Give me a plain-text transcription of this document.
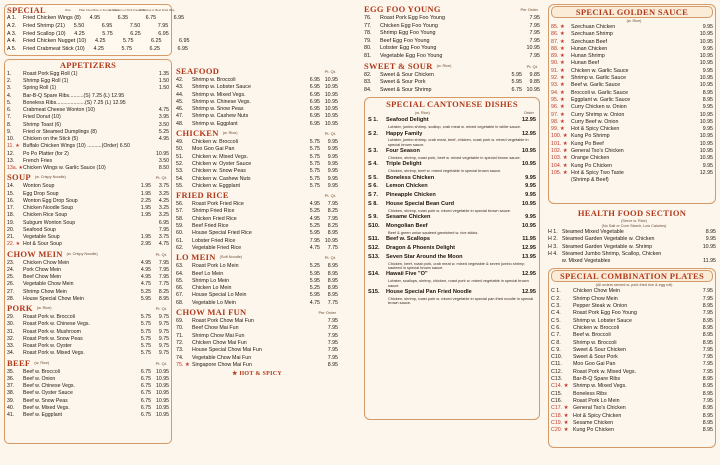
SPECIAL	Rice	Plain Fried Rice or French Fries
w. Chicken or Pork Fried Rice
w. Shrimp or Beef Fried Rice
A 1.	Fried Chicken Wings (8)	4.95	6.35	6.75	6.95
A 2.	Fried Shrimp (21)	5.50	6.95	7.50	7.95
A 3.	Fried Scallop (10)	4.25	5.75	6.25	6.95
A 4.	Fried Chicken Nugget (10)	4.25	5.75	6.25	6.95
A 5.	Fried Crabmeat Stick (10)	4.25	5.75	6.25	6.95
APPETIZERS
1.	Roast Pork Egg Roll (1)	1.35
2.	Shrimp Egg Roll (1)	1.50
3.	Spring Roll (1)	1.50
4.	Bar-B-Q Spare Ribs..........(S) 7.25 (L) 12.95
5.	Boneless Ribs....................(S) 7.25 (L) 12.95
6.	Crabmeat Cheese Wonton (10)	4.75
7.	Fried Donut (10)	3.95
8.	Shrimp Toast (6)	3.50
9.	Fried or Steamed Dumplings (8)	5.25
10.	Chicken on the Stick (5)	4.95
11. ★ Buffalo Chicken Wings (10) ..........(Order) 6.50
12.	Po Po Platter (for 2)	10.95
13.	French Fries	3.50
13a. ★ Chicken Wings w. Garlic Sauce (10)	8.50
SOUP (w. Crispy Noodle)	Pt. Qt.
14.	Wonton Soup	1.95	3.75
15.	Egg Drop Soup	1.95	3.25
16.	Wonton Egg Drop Soup	2.25	4.25
17.	Chicken Noodle Soup	1.95	3.25
18.	Chicken Rice Soup	1.95	3.25
19.	Subgum Wonton Soup	6.95
20.	Seafood Soup	7.95
21.	Vegetable Soup	1.95	3.75
22. ★ Hot & Sour Soup	2.95	4.75
CHOW MEIN (w. Crispy Noodle)	Pt. Qt.
23.	Chicken Chow Mein	4.95	7.95
24.	Pork Chow Mein	4.95	7.95
25.	Beef Chow Mein	4.95	7.95
26.	Vegetable Chow Mein	4.75	7.75
27.	Shrimp Chow Mein	5.25	8.25
28.	House Special Chow Mein	5.95	8.95
PORK (w. Rice)	Pt. Qt.
29.	Roast Pork w. Broccoli	5.75	9.75
30.	Roast Pork w. Chinese Vegs.	5.75	9.75
31.	Roast Pork w. Mushroom	5.75	9.75
32.	Roast Pork w. Snow Peas	5.75	9.75
33.	Roast Pork w. Oyster	5.75	9.75
34.	Roast Pork w. Mixed Vegs.	5.75	9.75
BEEF (w. Rice)	Pt. Qt.
35.	Beef w. Broccoli	6.75 10.95
36.	Beef w. Onion	6.75 10.95
37.	Beef w. Chinese Vegs.	6.75 10.95
38.	Beef w. Oyster Sauce	6.75 10.95
39.	Beef w. Snow Peas	6.75 10.95
40.	Beef w. Mixed Vegs.	6.75 10.95
41.	Beef w. Eggplant	6.75 10.95
SEAFOOD	Pt. Qt.
42.	Shrimp w. Broccoli	6.95 10.95
43.	Shrimp w. Lobster Sauce	6.95 10.95
44.	Shrimp w. Mixed Vegs.	6.95 10.95
45.	Shrimp w. Chinese Vegs.	6.95 10.95
46.	Shrimp w. Snow Peas	6.95 10.95
47.	Shrimp w. Cashew Nuts	6.95 10.95
48.	Shrimp w. Eggplant	6.95 10.95
CHICKEN (w. Rice)	Pt. Qt.
49.	Chicken w. Broccoli	5.75	9.95
50.	Moo Goo Gai Pan	5.75	9.95
51.	Chicken w. Mixed Vegs.	5.75	9.95
52.	Chicken w. Oyster Sauce	5.75	9.95
53.	Chicken w. Snow Peas	5.75	9.95
54.	Chicken w. Cashew Nuts	5.75	9.95
55.	Chicken w. Eggplant	5.75	9.95
FRIED RICE	Pt. Qt.
56.	Roast Pork Fried Rice	4.95	7.95
57.	Shrimp Fried Rice	5.25	8.25
58.	Chicken Fried Rice	4.95	7.95
59.	Beef Fried Rice	5.25	8.25
60.	House Special Fried Rice	5.95	8.95
61.	Lobster Fried Rice	7.95 10.95
62.	Vegetable Fried Rice	4.75	7.75
LO MEIN (Soft Noodle)	Pt. Qt.
63.	Roast Pork Lo Mein	5.25	8.95
64.	Beef Lo Mein	5.95	8.95
65.	Shrimp Lo Mein	5.95	8.95
66.	Chicken Lo Mein	5.25	8.95
67.	House Special Lo Mein	5.95	8.95
68.	Vegetable Lo Mein	4.75	7.75
CHOW MAI FUN	Per Order
69.	Roast Pork Chow Mai Fun	7.95
70.	Beef Chow Mai Fun	7.95
71.	Shrimp Chow Mai Fun	7.95
72.	Chicken Chow Mai Fun	7.95
73.	House Special Chow Mai Fun	7.95
74.	Vegetable Chow Mai Fun	7.95
75. ★ Singapore Chow Mai Fun	8.95
★ HOT & SPICY
EGG FOO YOUNG	Per Order
76.	Roast Pork Egg Foo Young	7.95
77.	Chicken Egg Foo Young	7.95
78.	Shrimp Egg Foo Young	7.95
79.	Beef Egg Foo Young	7.95
80.	Lobster Egg Foo Young	10.95
81.	Vegetable Egg Foo Young	7.95
SWEET & SOUR (w. Rice)	Pt. Qt.
82.	Sweet & Sour Chicken	5.95	9.85
83.	Sweet & Sour Pork	5.95	9.85
84.	Sweet & Sour Shrimp	6.75 10.95
SPECIAL CANTONESE DISHES
(w. Rice)	Order
S 1.	Seafood Delight	12.95
Lobster, jumbo shrimp, scallop, crab meat w. mixed vegetable in white sauce.
S 2.	Happy Family	12.95
Lobster, jumbo shrimp, crab meat, beef, chicken, roast pork w. mixed vegetable in special brown sauce.
S 3.	Four Season	10.95
Chicken, shrimp, roast pork, beef w. mixed vegetable in special brown sauce.
S 4.	Triple Delight	10.95
Chicken, shrimp, beef w. mixed vegetable in special brown sauce.
S 5.	Boneless Chicken	9.95
S 6.	Lemon Chicken	9.95
S 7.	Pineapple Chicken	9.95
S 8.	House Special Bean Curd	10.95
Chicken, shrimp, roast pork w. mixed vegetable in special brown sauce.
S 9.	Sesame Chicken	9.95
S10.	Mongolian Beef	10.95
Beef & green onion sauteed garnished w. rice sticks.
S11.	Beef w. Scallops	11.95
S12.	Dragon & Phoenix Delight	12.95
S13.	Seven Star Around the Moon	13.95
Chicken, beef, roast pork, crab meat w. mixed vegetable & seven jumbo shrimp sauteed in special brown sauce.
S14.	Hawaii Five "O"	12.95
Lobster, scallops, shrimp, chicken, roast pork w. mixed vegetable in special brown sauce.
S15.	House Special Pan Fried Noodle	12.95
Chicken, shrimp, roast pork w. mixed vegetable in special pan fried noodle in special brown sauce.
SPECIAL GOLDEN SAUCE
(w. Rice)
85. ★	Szechuan Chicken	9.95
86. ★	Szechuan Shrimp	10.95
87. ★	Szechuan Beef	10.95
88. ★	Hunan Chicken	9.95
89. ★	Hunan Shrimp	10.95
90. ★	Hunan Beef	10.95
91. ★	Chicken w. Garlic Sauce	9.95
92. ★	Shrimp w. Garlic Sauce	10.95
93. ★	Beef w. Garlic Sauce	10.95
94. ★	Broccoli w. Garlic Sauce	8.95
95. ★	Eggplant w. Garlic Sauce	8.95
96. ★	Curry Chicken w. Onion	9.95
97. ★	Curry Shrimp w. Onion	10.95
98. ★	Curry Beef w. Onion	10.95
99. ★	Hot & Spicy Chicken	9.95
100. ★ Kung Po Shrimp	10.95
101. ★ Kung Po Beef	10.95
102. ★ General Tso's Chicken	10.95
103. ★ Orange Chicken	10.95
104. ★ Kung Po Chicken	9.95
105. ★ Hot & Spicy Two Taste	12.95
(Shrimp & Beef)
HEALTH FOOD SECTION
(Serve w. Rice)
(No Salt or Corn Starch, Low Calories)
H 1. Steamed Mixed Vegetable	8.95
H 2. Steamed Garden Vegetable w. Chicken	9.95
H 3. Steamed Garden Vegetable w. Shrimp	10.95
H 4. Steamed Jumbo Shrimp, Scallop, Chicken
w. Mixed Vegetables	11.95
SPECIAL COMBINATION PLATES
(All orders served w. pork fried rice & egg roll)
C 1.	Chicken Chow Mein	7.95
C 2.	Shrimp Chow Mein	7.95
C 3.	Pepper Steak w. Onion	8.95
C 4.	Roast Pork Egg Foo Young	7.95
C 5.	Shrimp w. Lobster Sauce	8.95
C 6.	Chicken w. Broccoli	8.95
C 7.	Beef w. Broccoli	8.95
C 8.	Shrimp w. Broccoli	8.95
C 9.	Sweet & Sour Chicken	7.95
C10.	Sweet & Sour Pork	7.95
C11.	Moo Goo Gai Pan	7.95
C12.	Roast Pork w. Mixed Vegs.	7.95
C13.	Bar-B-Q Spare Ribs	8.95
C14. ★ Shrimp w. Mixed Vegs.	8.95
C15.	Boneless Ribs	8.95
C16.	Roast Pork Lo Mein	7.95
C17. ★ General Tso's Chicken	8.95
C18. ★ Hot & Spicy Chicken	8.95
C19. ★ Sesame Chicken	8.95
C20. ★ Kung Po Chicken	8.95
